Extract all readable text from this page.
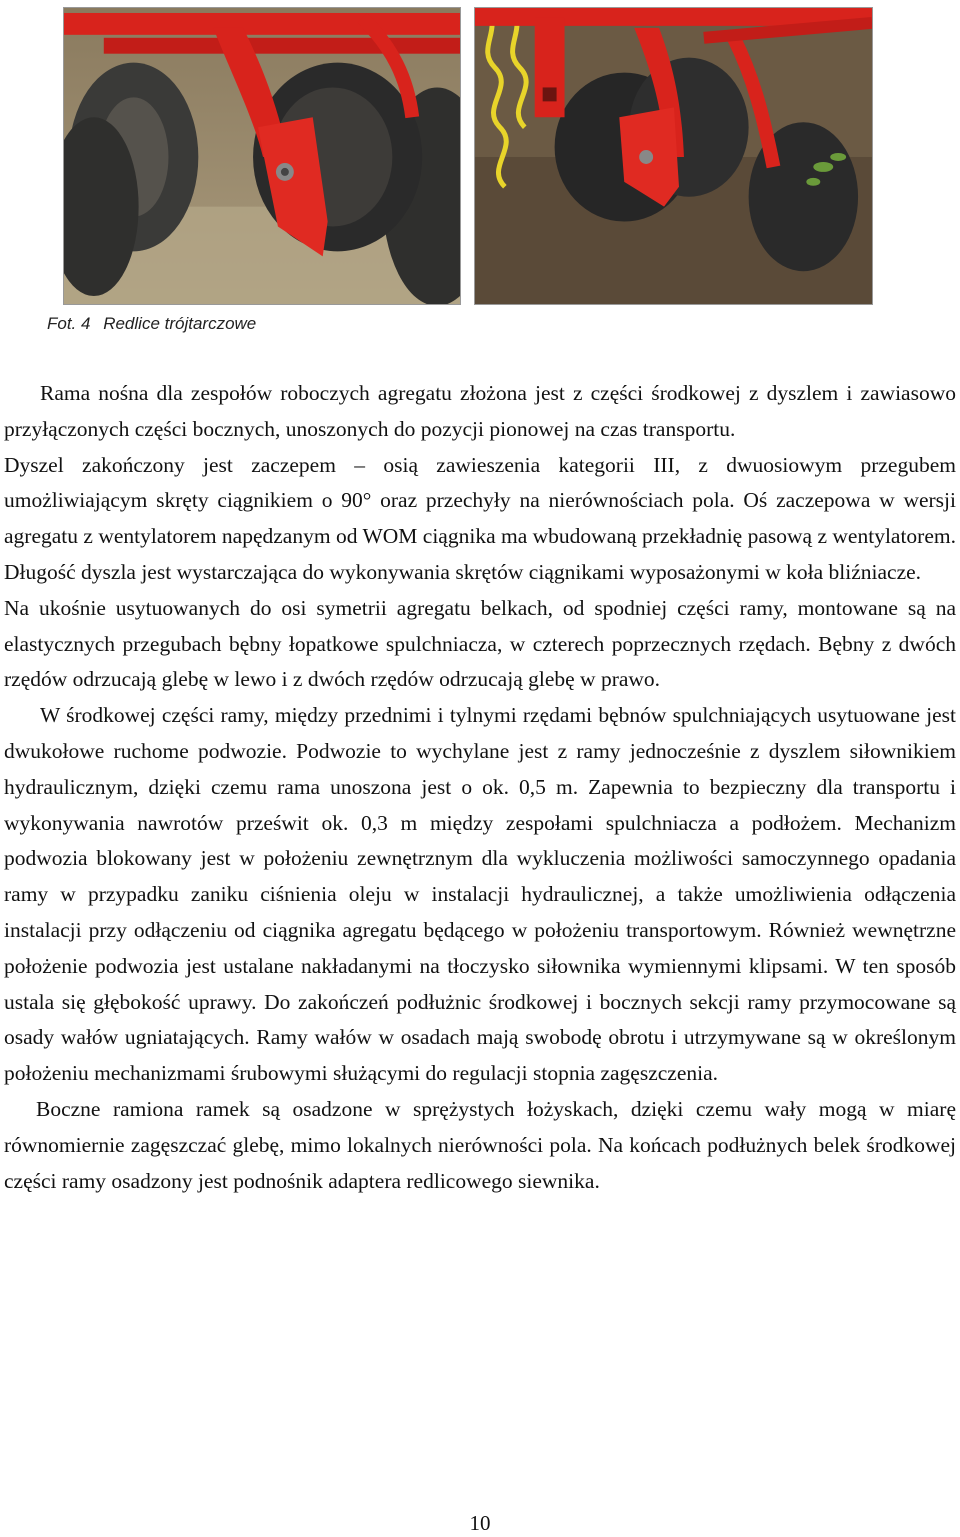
Fot. 4 Redlice trójtarczowe

Rama nośna dla zespołów roboczych agregatu złożona jest z części środkowej z dyszlem i zawiasowo przyłączonych części bocznych, unoszonych do pozycji pionowej na czas transportu.

Dyszel zakończony jest zaczepem – osią zawieszenia kategorii III, z dwuosiowym przegubem umożliwiającym skręty ciągnikiem o 90° oraz przechyły na nierównościach pola. Oś zaczepowa w wersji agregatu z wentylatorem napędzanym od WOM ciągnika ma wbudowaną przekładnię pasową z wentylatorem. Długość dyszla jest wystarczająca do wykonywania skrętów ciągnikami wyposażonymi w koła bliźniacze.

Na ukośnie usytuowanych do osi symetrii agregatu belkach, od spodniej części ramy, montowane są na elastycznych przegubach bębny łopatkowe spulchniacza, w czterech poprzecznych rzędach. Bębny z dwóch rzędów odrzucają glebę w lewo i z dwóch rzędów odrzucają glebę w prawo.

W środkowej części ramy, między przednimi i tylnymi rzędami bębnów spulchniających usytuowane jest dwukołowe ruchome podwozie. Podwozie to wychylane jest z ramy jednocześnie z dyszlem siłownikiem hydraulicznym, dzięki czemu rama unoszona jest o ok. 0,5 m. Zapewnia to bezpieczny dla transportu i wykonywania nawrotów prześwit ok. 0,3 m między zespołami spulchniacza a podłożem. Mechanizm podwozia blokowany jest w położeniu zewnętrznym dla wykluczenia możliwości samoczynnego opadania ramy w przypadku zaniku ciśnienia oleju w instalacji hydraulicznej, a także umożliwienia odłączenia instalacji przy odłączeniu od ciągnika agregatu będącego w położeniu transportowym. Również wewnętrzne położenie podwozia jest ustalane nakładanymi na tłoczysko siłownika wymiennymi klipsami. W ten sposób ustala się głębokość uprawy. Do zakończeń podłużnic środkowej i bocznych sekcji ramy przymocowane są osady wałów ugniatających. Ramy wałów w osadach mają swobodę obrotu i utrzymywane są w określonym położeniu mechanizmami śrubowymi służącymi do regulacji stopnia zagęszczenia.

Boczne ramiona ramek są osadzone w sprężystych łożyskach, dzięki czemu wały mogą w miarę równomiernie zagęszczać glebę, mimo lokalnych nierówności pola. Na końcach podłużnych belek środkowej części ramy osadzony jest podnośnik adaptera redlicowego siewnika.

10
